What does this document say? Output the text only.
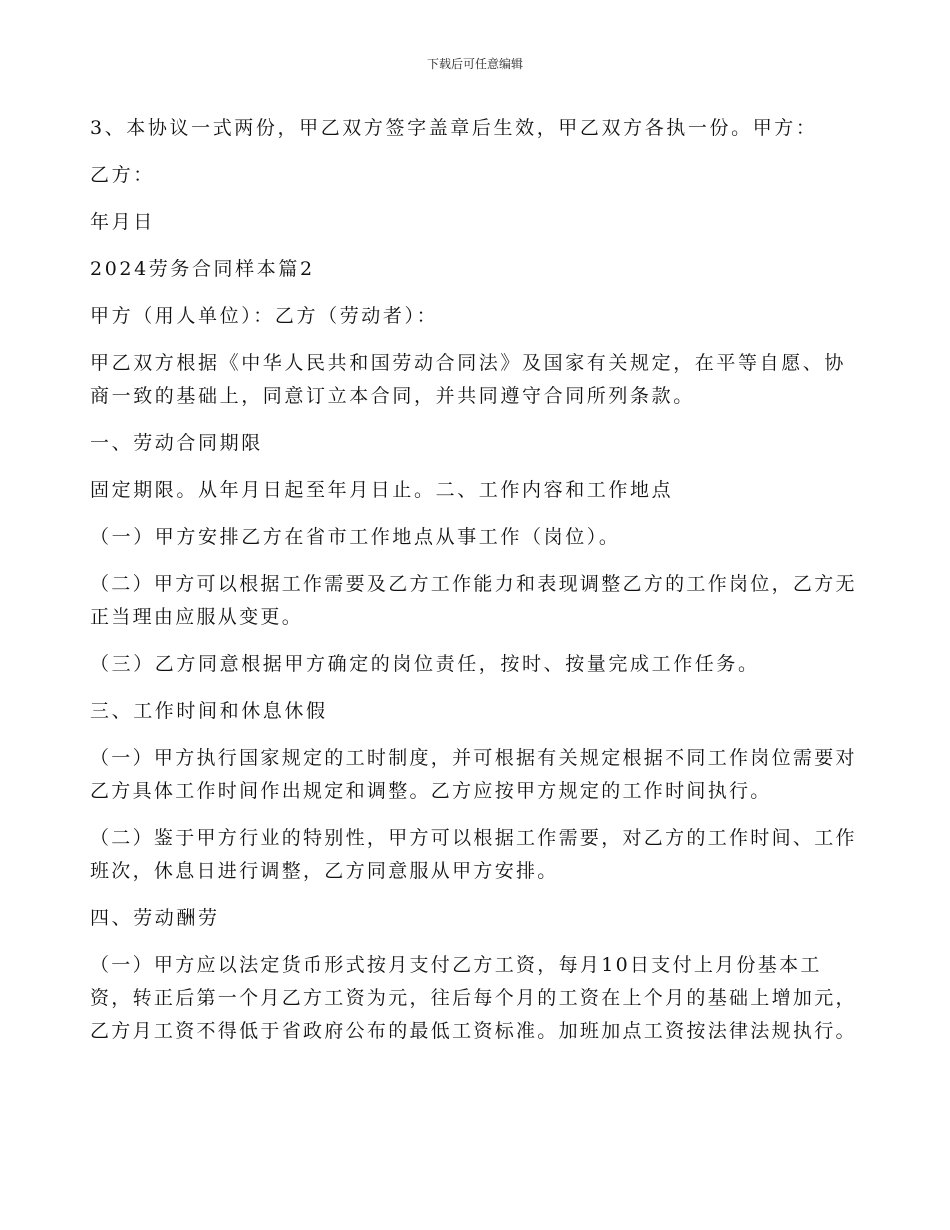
下载后可任意编辑

3、本协议一式两份，甲乙双方签字盖章后生效，甲乙双方各执一份。甲方：

乙方：

年月日

2024劳务合同样本篇2

甲方（用人单位）：乙方（劳动者）：

甲乙双方根据《中华人民共和国劳动合同法》及国家有关规定，在平等自愿、协商一致的基础上，同意订立本合同，并共同遵守合同所列条款。

一、劳动合同期限

固定期限。从年月日起至年月日止。二、工作内容和工作地点

（一）甲方安排乙方在省市工作地点从事工作（岗位）。

（二）甲方可以根据工作需要及乙方工作能力和表现调整乙方的工作岗位，乙方无正当理由应服从变更。

（三）乙方同意根据甲方确定的岗位责任，按时、按量完成工作任务。

三、工作时间和休息休假

（一）甲方执行国家规定的工时制度，并可根据有关规定根据不同工作岗位需要对乙方具体工作时间作出规定和调整。乙方应按甲方规定的工作时间执行。

（二）鉴于甲方行业的特别性，甲方可以根据工作需要，对乙方的工作时间、工作班次，休息日进行调整，乙方同意服从甲方安排。

四、劳动酬劳

（一）甲方应以法定货币形式按月支付乙方工资，每月10日支付上月份基本工资，转正后第一个月乙方工资为元，往后每个月的工资在上个月的基础上增加元，乙方月工资不得低于省政府公布的最低工资标准。加班加点工资按法律法规执行。
